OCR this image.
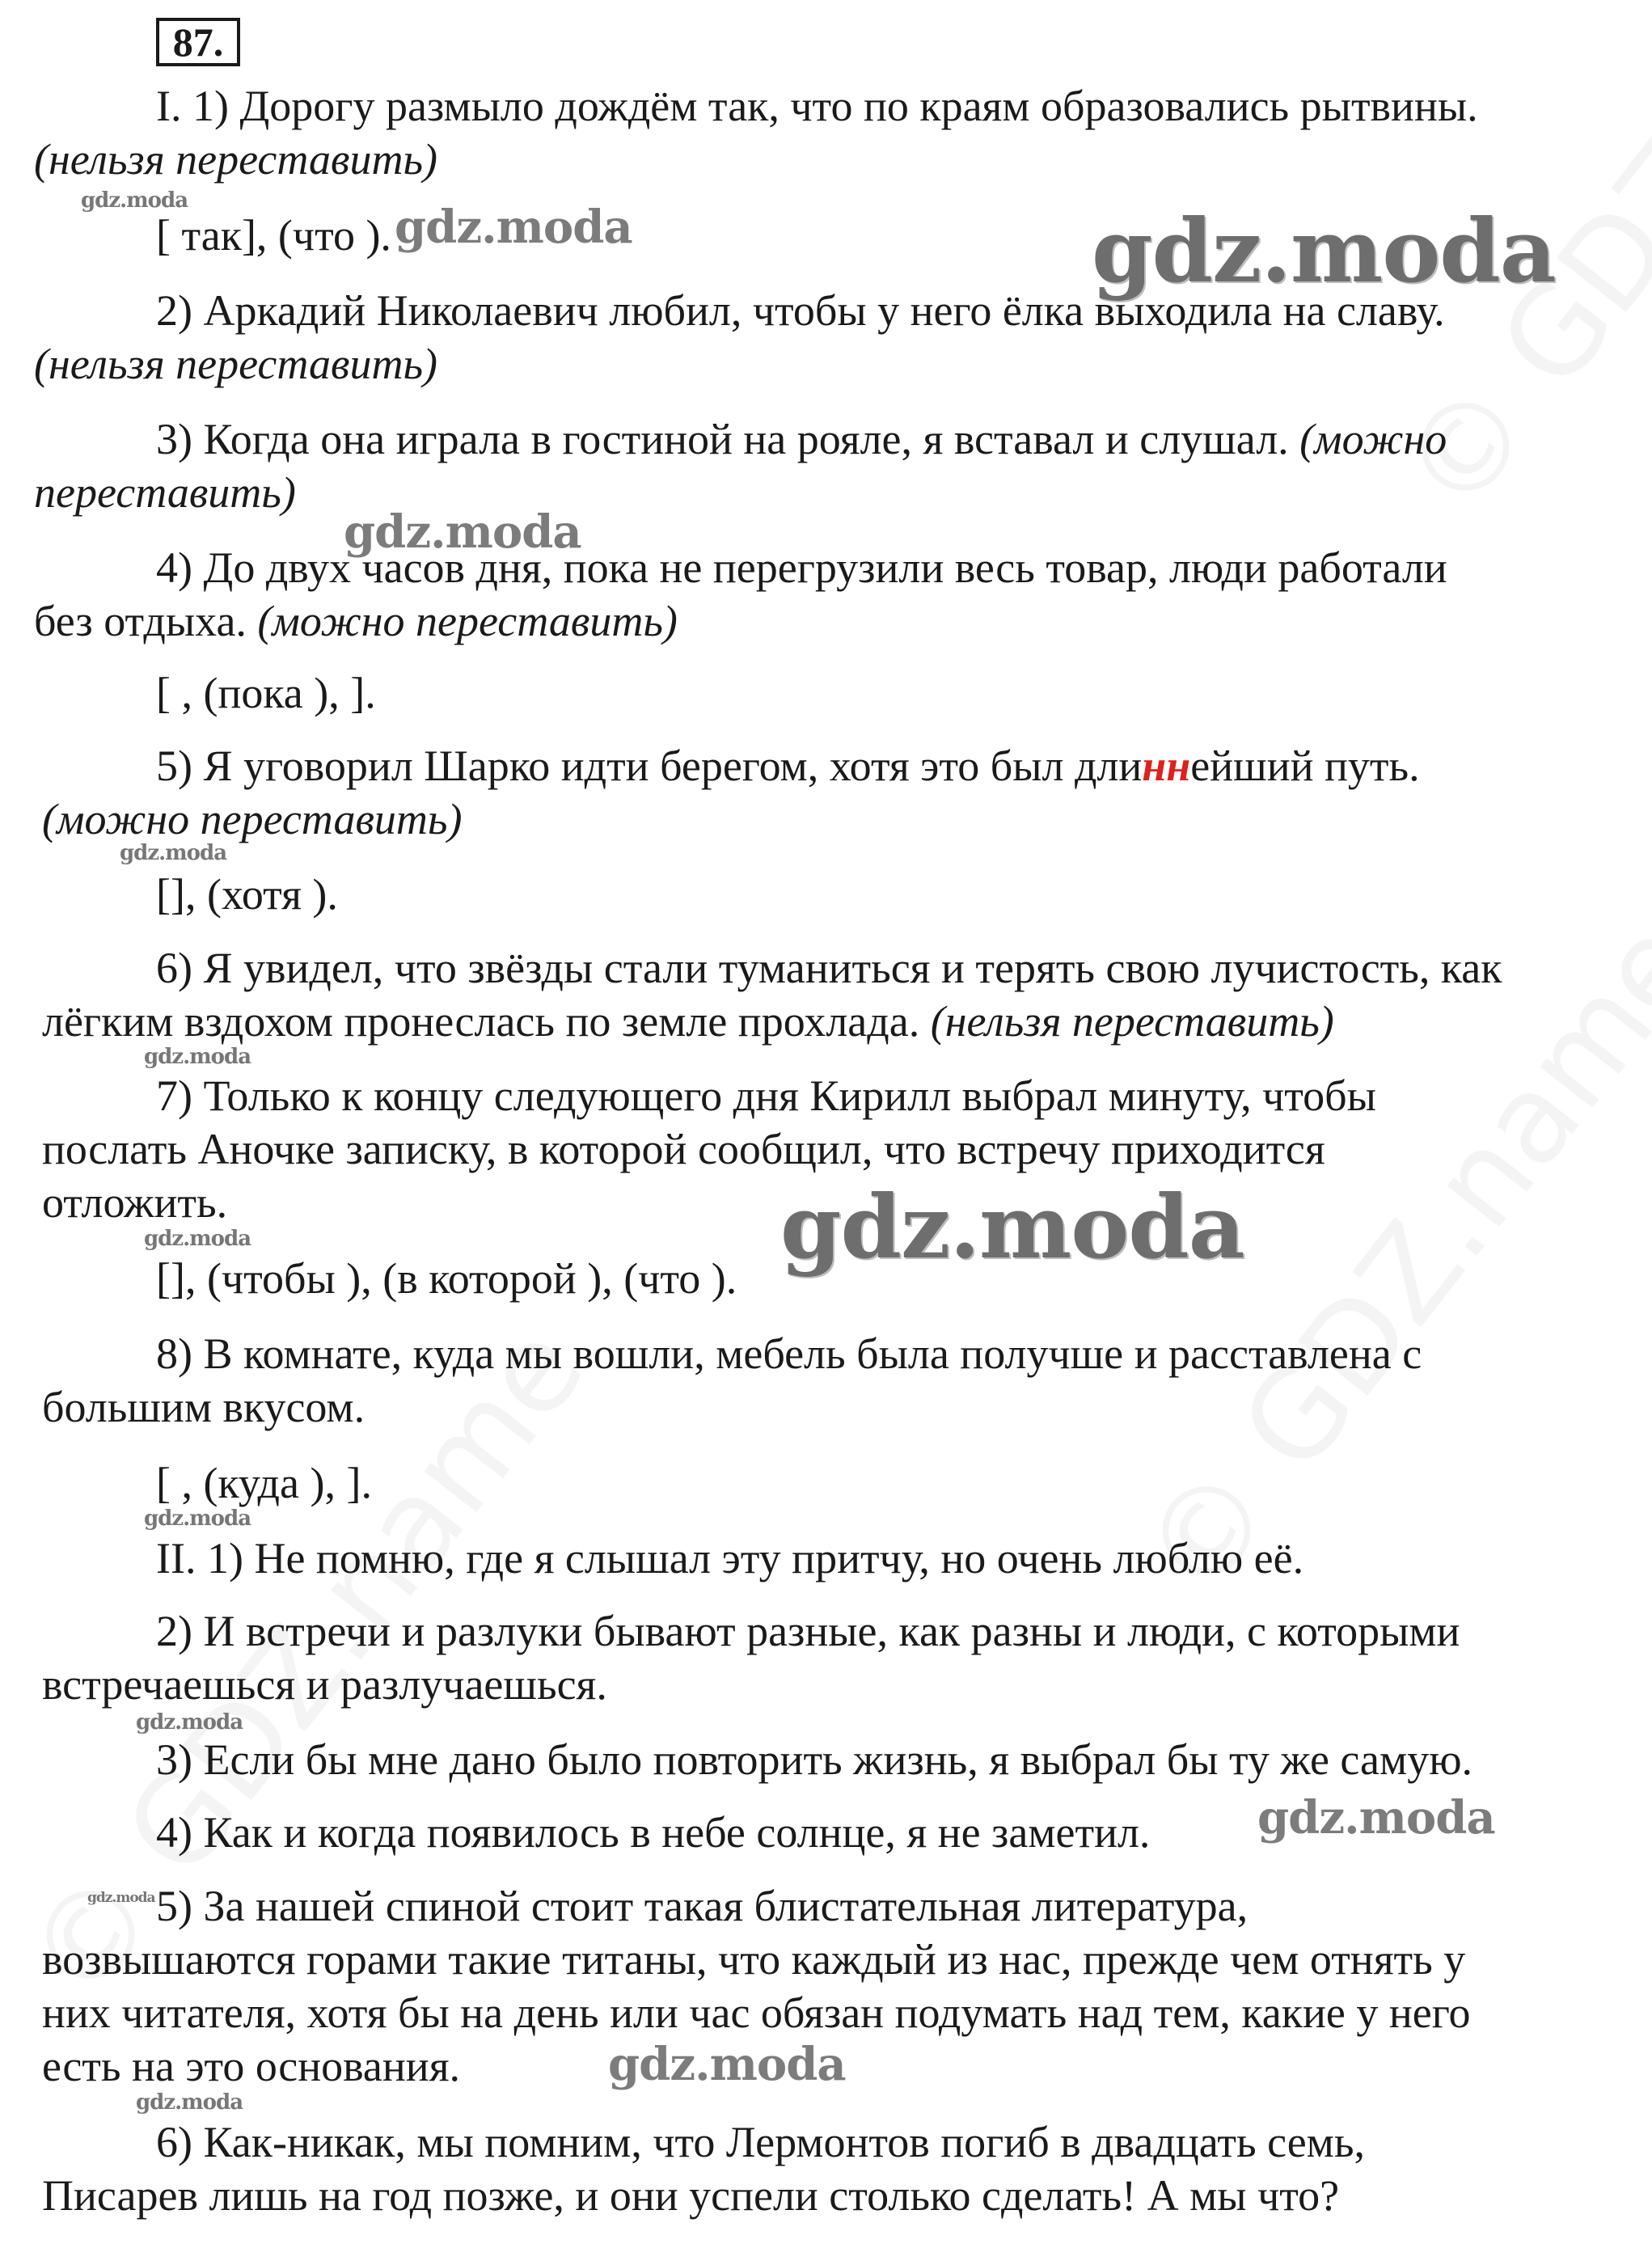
87.
I. 1) Дорогу размыло дождём так, что по краям образовались рытвины.
(нельзя переставить)
[ так], (что ).
2) Аркадий Николаевич любил, чтобы у него ёлка выходила на славу.
(нельзя переставить)
3) Когда она играла в гостиной на рояле, я вставал и слушал. (можно
переставить)
4) До двух часов дня, пока не перегрузили весь товар, люди работали
без отдыха. (можно переставить)
[ , (пока ), ].
5) Я уговорил Шарко идти берегом, хотя это был длиннейший путь.
(можно переставить)
[], (хотя ).
6) Я увидел, что звёзды стали туманиться и терять свою лучистость, как
лёгким вздохом пронеслась по земле прохлада. (нельзя переставить)
7) Только к концу следующего дня Кирилл выбрал минуту, чтобы
послать Аночке записку, в которой сообщил, что встречу приходится
отложить.
[], (чтобы ), (в которой ), (что ).
8) В комнате, куда мы вошли, мебель была получше и расставлена с
большим вкусом.
[ , (куда ), ].
II. 1) Не помню, где я слышал эту притчу, но очень люблю её.
2) И встречи и разлуки бывают разные, как разны и люди, с которыми
встречаешься и разлучаешься.
3) Если бы мне дано было повторить жизнь, я выбрал бы ту же самую.
4) Как и когда появилось в небе солнце, я не заметил.
5) За нашей спиной стоит такая блистательная литература,
возвышаются горами такие титаны, что каждый из нас, прежде чем отнять у
них читателя, хотя бы на день или час обязан подумать над тем, какие у него
есть на это основания.
6) Как-никак, мы помним, что Лермонтов погиб в двадцать семь,
Писарев лишь на год позже, и они успели столько сделать! А мы что?
gdz.moda
gdz.moda
gdz.moda
gdz.moda
gdz.moda
gdz.moda
gdz.moda
gdz.moda
gdz.moda
gdz.moda
gdz.moda
gdz.moda
gdz.moda
gdz.moda
